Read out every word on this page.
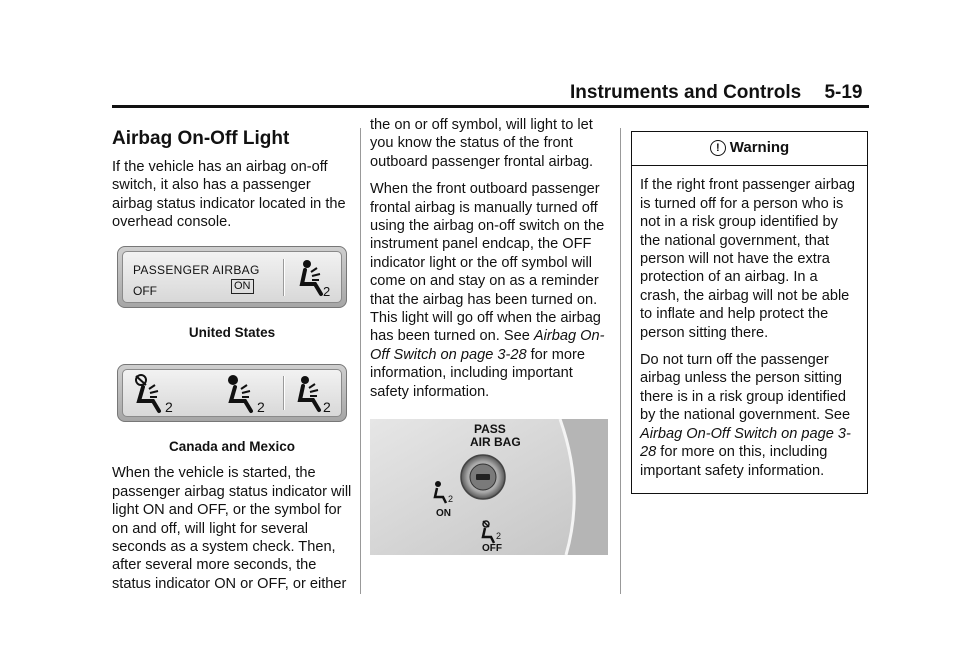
Instruments and Controls 5-19
Airbag On-Off Light

If the vehicle has an airbag on-off switch, it also has a passenger airbag status indicator located in the overhead console.

PASSENGER AIRBAG
OFF	ON	2
United States
2	2	2
Canada and Mexico

When the vehicle is started, the passenger airbag status indicator will light ON and OFF, or the symbol for on and off, will light for several seconds as a system check. Then, after several more seconds, the status indicator ON or OFF, or either

the on or off symbol, will light to let you know the status of the front outboard passenger frontal airbag.

When the front outboard passenger frontal airbag is manually turned off using the airbag on-off switch on the instrument panel endcap, the OFF indicator light or the off symbol will come on and stay on as a reminder that the airbag has been turned on. This light will go off when the airbag has been turned on. See Airbag On-Off Switch on page 3-28 for more information, including important safety information.

PASS
AIR BAG
2
ON
2
OFF
! Warning

If the right front passenger airbag is turned off for a person who is not in a risk group identified by the national government, that person will not have the extra protection of an airbag. In a crash, the airbag will not be able to inflate and help protect the person sitting there.

Do not turn off the passenger airbag unless the person sitting there is in a risk group identified by the national government. See Airbag On-Off Switch on page 3-28 for more on this, including important safety information.
